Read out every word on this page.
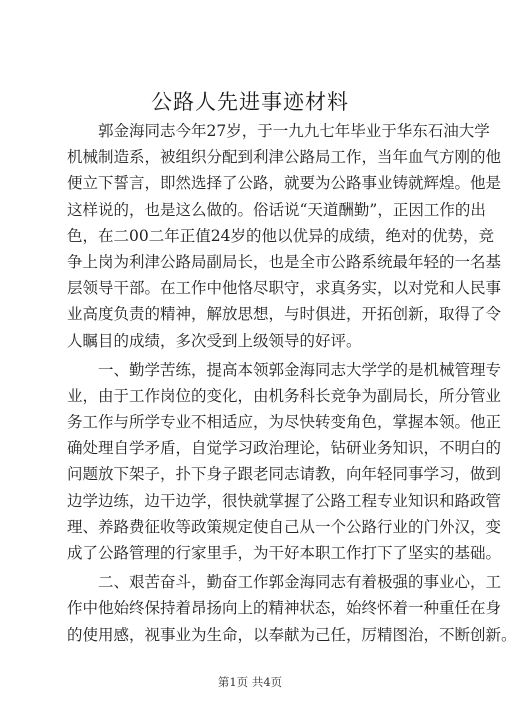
公路人先进事迹材料
郭金海同志今年27岁，于一九九七年毕业于华东石油大学
机械制造系，被组织分配到利津公路局工作，当年血气方刚的他
便立下誓言，即然选择了公路，就要为公路事业铸就辉煌。他是
这样说的，也是这么做的。俗话说“天道酬勤”，正因工作的出
色，在二00二年正值24岁的他以优异的成绩，绝对的优势，竞
争上岗为利津公路局副局长，也是全市公路系统最年轻的一名基
层领导干部。在工作中他恪尽职守，求真务实，以对党和人民事
业高度负责的精神，解放思想，与时俱进，开拓创新，取得了令
人瞩目的成绩，多次受到上级领导的好评。
一、勤学苦练，提高本领郭金海同志大学学的是机械管理专
业，由于工作岗位的变化，由机务科长竞争为副局长，所分管业
务工作与所学专业不相适应，为尽快转变角色，掌握本领。他正
确处理自学矛盾，自觉学习政治理论，钻研业务知识，不明白的
问题放下架子，扑下身子跟老同志请教，向年轻同事学习，做到
边学边练，边干边学，很快就掌握了公路工程专业知识和路政管
理、养路费征收等政策规定使自己从一个公路行业的门外汉，变
成了公路管理的行家里手，为干好本职工作打下了坚实的基础。
二、艰苦奋斗，勤奋工作郭金海同志有着极强的事业心，工
作中他始终保持着昂扬向上的精神状态，始终怀着一种重任在身
的使用感，视事业为生命，以奉献为己任，厉精图治，不断创新。
第1页 共4页
